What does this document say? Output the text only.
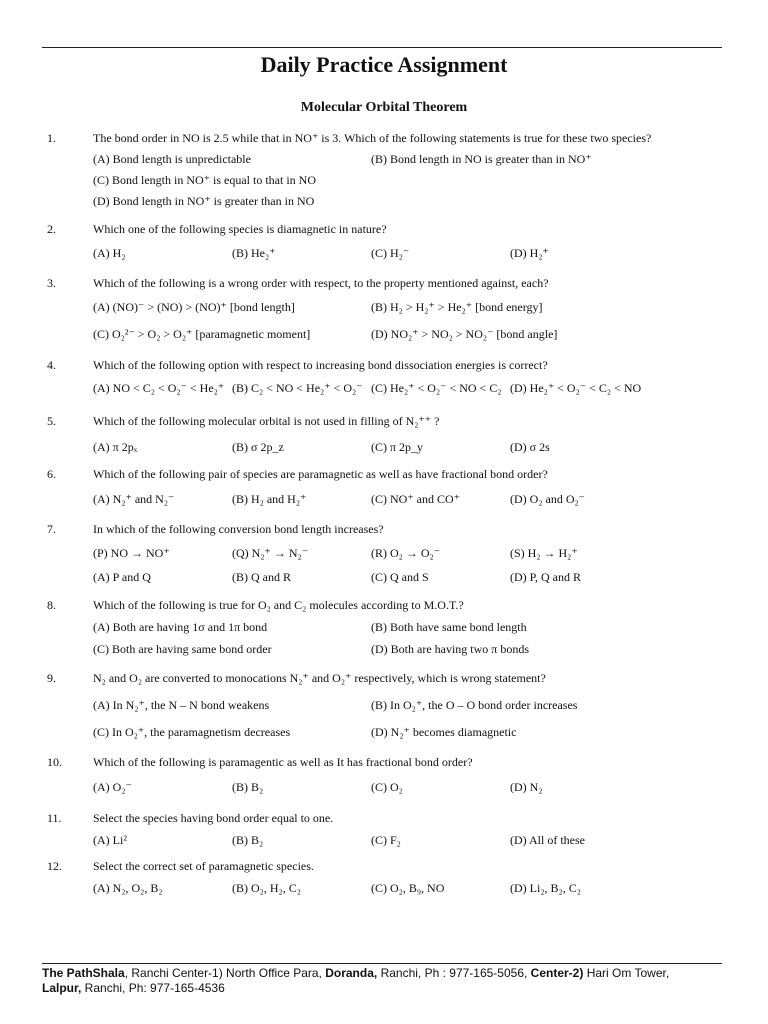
Daily Practice Assignment
Molecular Orbital Theorem
1.	The bond order in NO is 2.5 while that in NO⁺ is 3. Which of the following statements is true for these two species?
(A) Bond length is unpredictable	(B) Bond length in NO is greater than in NO⁺
(C) Bond length in NO⁺ is equal to that in NO
(D) Bond length in NO⁺ is greater than in NO
2.	Which one of the following species is diamagnetic in nature?
(A) H₂	(B) He₂⁺	(C) H₂⁻	(D) H₂⁺
3.	Which of the following is a wrong order with respect, to the property mentioned against, each?
(A) (NO)⁻ > (NO) > (NO)⁺ [bond length]	(B) H₂ > H₂⁺ > He₂⁺ [bond energy]
(C) O₂²⁻ > O₂ > O₂⁺ [paramagnetic moment]	(D) NO₂⁺ > NO₂ > NO₂⁻ [bond angle]
4.	Which of the following option with respect to increasing bond dissociation energies is correct?
(A) NO < C₂ < O₂⁻ < He₂⁺ (B) C₂ < NO < He₂⁺ < O₂⁻ (C) He₂⁺ < O₂⁻ < NO < C₂ (D) He₂⁺ < O₂⁻ < C₂ < NO
5.	Which of the following molecular orbital is not used in filling of N₂⁺⁺ ?
(A) π 2pₓ	(B) σ 2p_z	(C) π 2p_y	(D) σ 2s
6.	Which of the following pair of species are paramagnetic as well as have fractional bond order?
(A) N₂⁺ and N₂⁻	(B) H₂ and H₂⁺	(C) NO⁺ and CO⁺	(D) O₂ and O₂⁻
7.	In which of the following conversion bond length increases?
(P) NO → NO⁺	(Q) N₂⁺ → N₂⁻	(R) O₂ → O₂⁻	(S) H₂ → H₂⁺
(A) P and Q	(B) Q and R	(C) Q and S	(D) P, Q and R
8.	Which of the following is true for O₂ and C₂ molecules according to M.O.T.?
(A) Both are having 1σ and 1π bond	(B) Both have same bond length
(C) Both are having same bond order	(D) Both are having two π bonds
9.	N₂ and O₂ are converted to monocations N₂⁺ and O₂⁺ respectively, which is wrong statement?
(A) In N₂⁺, the N – N bond weakens	(B) In O₂⁺, the O – O bond order increases
(C) In O₂⁺, the paramagnetism decreases	(D) N₂⁺ becomes diamagnetic
10.	Which of the following is paramagentic as well as It has fractional bond order?
(A) O₂⁻	(B) B₂	(C) O₂	(D) N₂
11.	Select the species having bond order equal to one.
(A) Li²	(B) B₂	(C) F₂	(D) All of these
12.	Select the correct set of paramagnetic species.
(A) N₂, O₂, B₂	(B) O₂, H₂, C₂	(C) O₂, B₉, NO	(D) Li₂, B₂, C₂
The PathShala, Ranchi Center-1) North Office Para, Doranda, Ranchi, Ph : 977-165-5056, Center-2) Hari Om Tower,
Lalpur, Ranchi, Ph: 977-165-4536
